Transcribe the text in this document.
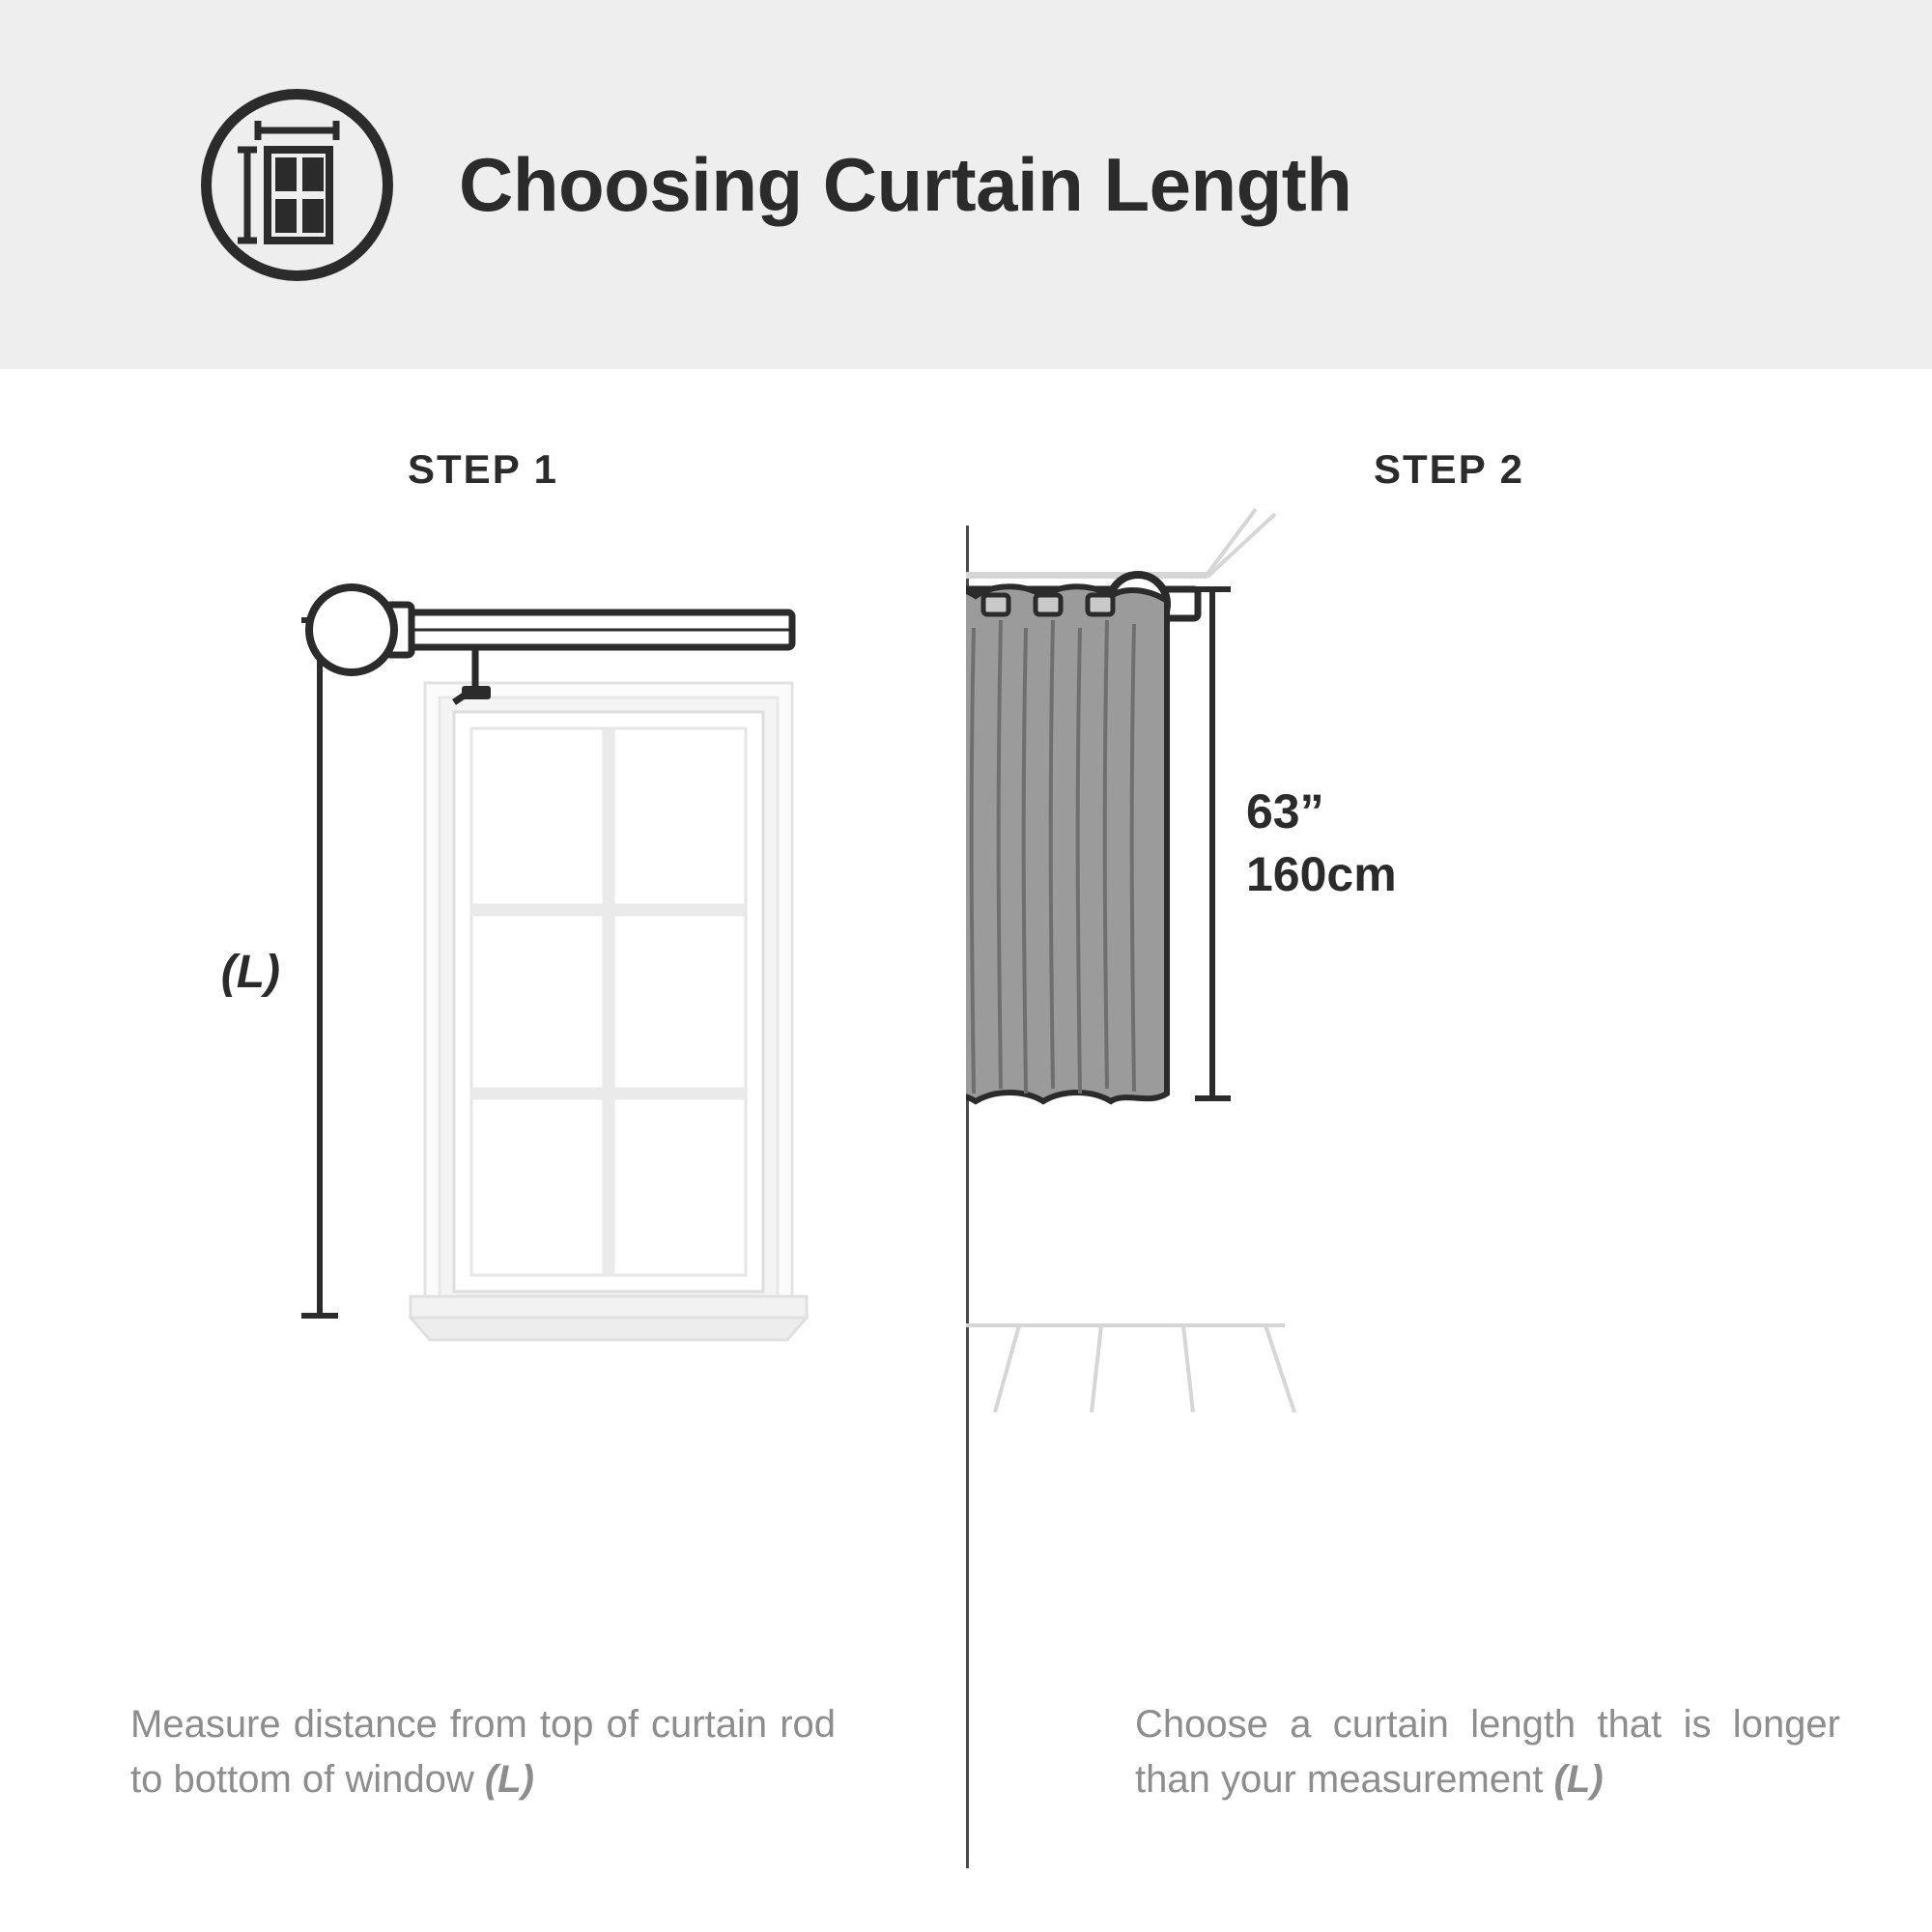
Choosing Curtain Length
STEP 1
(L)
Measure distance from top of curtain rod to bottom of window (L)
STEP 2
63”
160cm
Choose a curtain length that is longer than your measurement (L)
